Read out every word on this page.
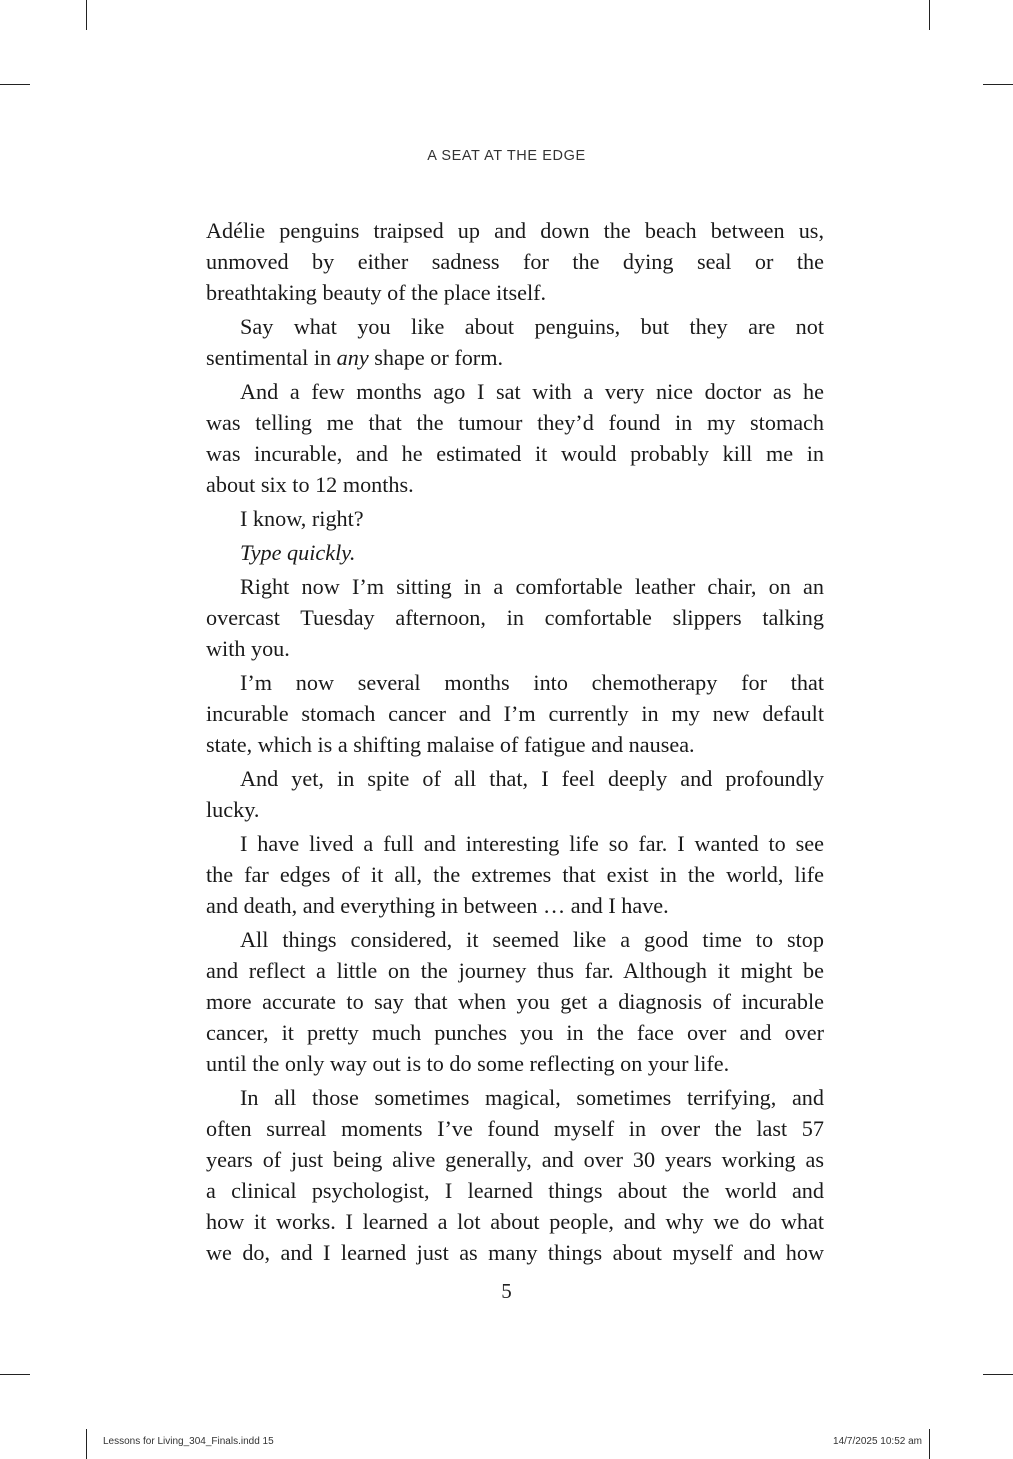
A SEAT AT THE EDGE
Adélie penguins traipsed up and down the beach between us,
unmoved by either sadness for the dying seal or the
breathtaking beauty of the place itself.
Say what you like about penguins, but they are not
sentimental in any shape or form.
And a few months ago I sat with a very nice doctor as he
was telling me that the tumour they’d found in my stomach
was incurable, and he estimated it would probably kill me in
about six to 12 months.
I know, right?
Type quickly.
Right now I’m sitting in a comfortable leather chair, on an
overcast Tuesday afternoon, in comfortable slippers talking
with you.
I’m now several months into chemotherapy for that
incurable stomach cancer and I’m currently in my new default
state, which is a shifting malaise of fatigue and nausea.
And yet, in spite of all that, I feel deeply and profoundly
lucky.
I have lived a full and interesting life so far. I wanted to see
the far edges of it all, the extremes that exist in the world, life
and death, and everything in between … and I have.
All things considered, it seemed like a good time to stop
and reflect a little on the journey thus far. Although it might be
more accurate to say that when you get a diagnosis of incurable
cancer, it pretty much punches you in the face over and over
until the only way out is to do some reflecting on your life.
In all those sometimes magical, sometimes terrifying, and
often surreal moments I’ve found myself in over the last 57
years of just being alive generally, and over 30 years working as
a clinical psychologist, I learned things about the world and
how it works. I learned a lot about people, and why we do what
we do, and I learned just as many things about myself and how
5
Lessons for Living_304_Finals.indd 15	14/7/2025 10:52 am
